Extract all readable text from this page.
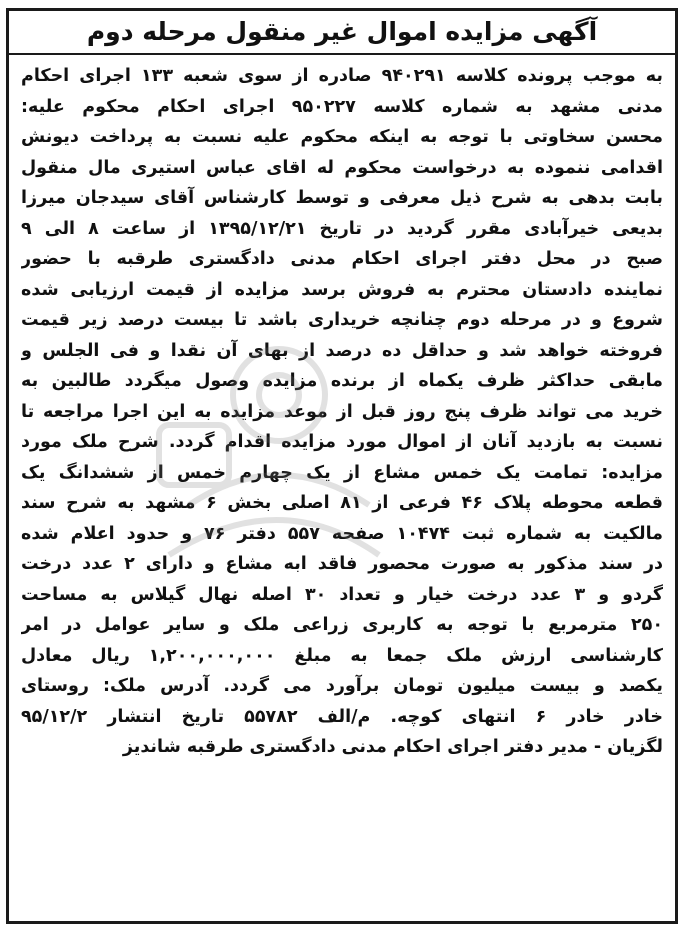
آگهی مزایده اموال غیر منقول مرحله دوم
به موجب پرونده کلاسه ۹۴۰۲۹۱ صادره از سوی شعبه ۱۳۳ اجرای احکام
مدنی مشهد به شماره کلاسه ۹۵۰۲۲۷ اجرای احکام محکوم علیه:
محسن سخاوتی با توجه به اینکه محکوم علیه نسبت به پرداخت دیونش
اقدامی ننموده به درخواست محکوم له اقای عباس استیری مال منقول
بابت بدهی به شرح ذیل معرفی و توسط کارشناس آقای سیدجان میرزا
بدیعی خیرآبادی مقرر گردید در تاریخ ۱۳۹۵/۱۲/۲۱ از ساعت ۸ الی ۹
صبح در محل دفتر اجرای احکام مدنی دادگستری طرقبه با حضور
نماینده دادستان محترم به فروش برسد مزایده از قیمت ارزیابی شده
شروع و در مرحله دوم چنانچه خریداری باشد تا بیست درصد زیر قیمت
فروخته خواهد شد و حداقل ده درصد از بهای آن نقدا و فی الجلس و
مابقی حداکثر ظرف یکماه از برنده مزایده وصول میگردد طالبین به
خرید می تواند ظرف پنج روز قبل از موعد مزایده به این اجرا مراجعه تا
نسبت به بازدید آنان از اموال مورد مزایده اقدام گردد. شرح ملک مورد
مزایده: تمامت یک خمس مشاع از یک چهارم خمس از ششدانگ یک
قطعه محوطه پلاک ۴۶ فرعی از ۸۱ اصلی بخش ۶ مشهد به شرح سند
مالکیت به شماره ثبت ۱۰۴۷۴ صفحه ۵۵۷ دفتر ۷۶ و حدود اعلام شده
در سند مذکور به صورت محصور فاقد ابه مشاع و دارای ۲ عدد درخت
گردو و ۳ عدد درخت خیار و تعداد ۳۰ اصله نهال گیلاس به مساحت
۲۵۰ مترمربع با توجه به کاربری زراعی ملک و سایر عوامل در امر
کارشناسی ارزش ملک جمعا به مبلغ ۱,۲۰۰,۰۰۰,۰۰۰ ریال معادل
یکصد و بیست میلیون تومان برآورد می گردد. آدرس ملک: روستای
خادر خادر ۶ انتهای کوچه. م/الف ۵۵۷۸۲ تاریخ انتشار ۹۵/۱۲/۲
لگزیان - مدیر دفتر اجرای احکام مدنی دادگستری طرقبه شاندیز
